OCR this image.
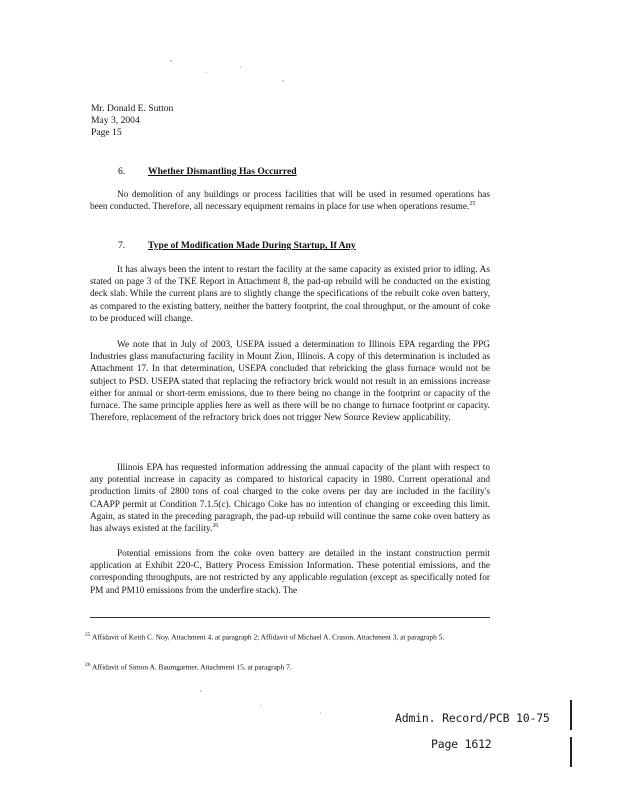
Mr. Donald E. Sutton
May 3, 2004
Page 15
6. Whether Dismantling Has Occurred

No demolition of any buildings or process facilities that will be used in resumed operations has been conducted. Therefore, all necessary equipment remains in place for use when operations resume.$^{25}$

7. Type of Modification Made During Startup, If Any

It has always been the intent to restart the facility at the same capacity as existed prior to idling. As stated on page 3 of the TKE Report in Attachment 8, the pad-up rebuild will be conducted on the existing deck slab. While the current plans are to slightly change the specifications of the rebuilt coke oven battery, as compared to the existing battery, neither the battery footprint, the coal throughput, or the amount of coke to be produced will change.

We note that in July of 2003, USEPA issued a determination to Illinois EPA regarding the PPG Industries glass manufacturing facility in Mount Zion, Illinois. A copy of this determination is included as Attachment 17. In that determination, USEPA concluded that rebricking the glass furnace would not be subject to PSD. USEPA stated that replacing the refractory brick would not result in an emissions increase either for annual or short-term emissions, due to there being no change in the footprint or capacity of the furnace. The same principle applies here as well as there will be no change to furnace footprint or capacity. Therefore, replacement of the refractory brick does not trigger New Source Review applicability.

Illinois EPA has requested information addressing the annual capacity of the plant with respect to any potential increase in capacity as compared to historical capacity in 1980. Current operational and production limits of 2800 tons of coal charged to the coke ovens per day are included in the facility's CAAPP permit at Condition 7.1.5(c). Chicago Coke has no intention of changing or exceeding this limit. Again, as stated in the preceding paragraph, the pad-up rebuild will continue the same coke oven battery as has always existed at the facility.$^{26}$

Potential emissions from the coke oven battery are detailed in the instant construction permit application at Exhibit 220-C, Battery Process Emission Information. These potential emissions, and the corresponding throughputs, are not restricted by any applicable regulation (except as specifically noted for PM and PM10 emissions from the underfire stack). The

$^{25}$ Affidavit of Keith C. Noy, Attachment 4, at paragraph 2; Affidavit of Michael A. Crason, Attachment 3, at paragraph 5.
$^{26}$ Affidavit of Simon A. Baumgartner, Attachment 15, at paragraph 7.
Admin. Record/PCB 10-75
Page 1612
